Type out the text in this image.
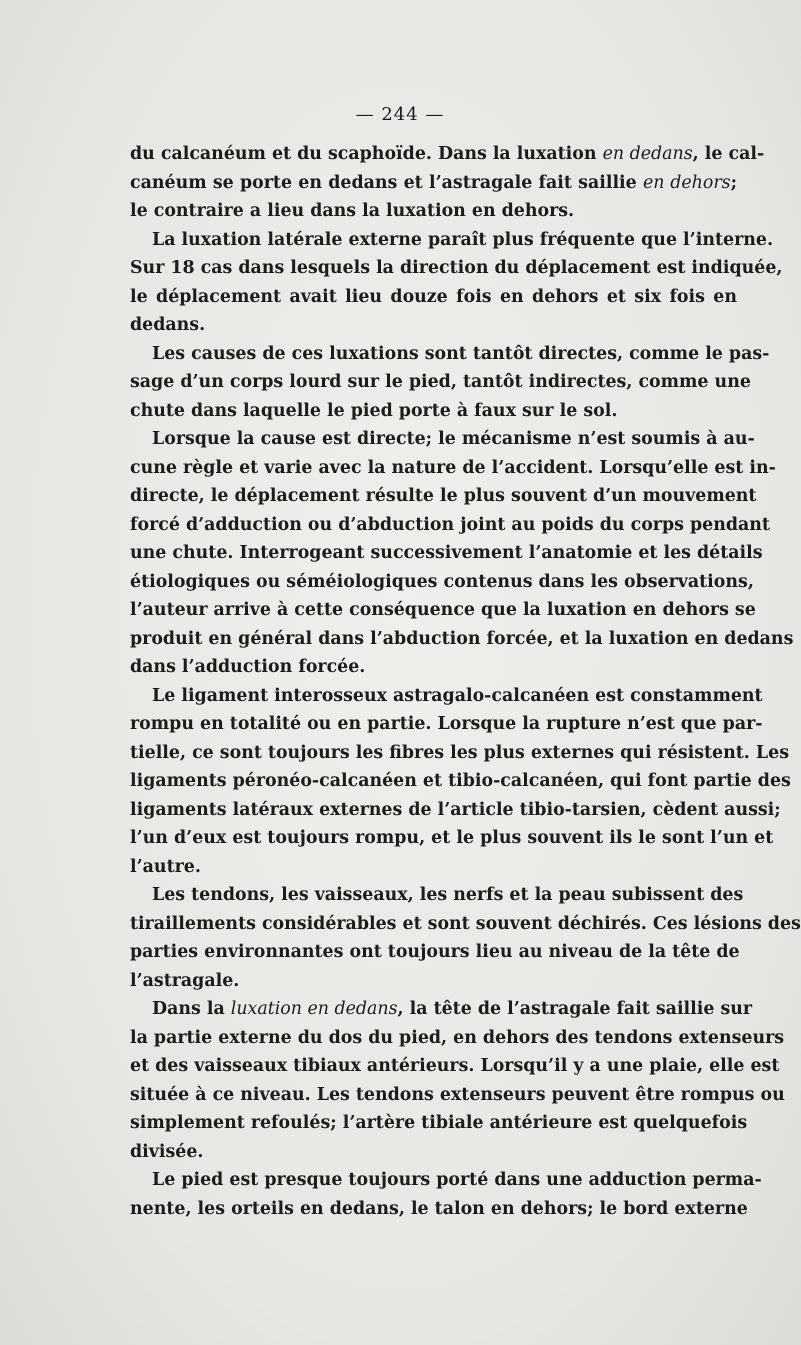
— 244 —
du calcanéum et du scaphoïde. Dans la luxation en dedans, le cal-
canéum se porte en dedans et l’astragale fait saillie en dehors;
le contraire a lieu dans la luxation en dehors.
La luxation latérale externe paraît plus fréquente que l’interne.
Sur 18 cas dans lesquels la direction du déplacement est indiquée,
le déplacement avait lieu douze fois en dehors et six fois en
dedans.
Les causes de ces luxations sont tantôt directes, comme le pas-
sage d’un corps lourd sur le pied, tantôt indirectes, comme une
chute dans laquelle le pied porte à faux sur le sol.
Lorsque la cause est directe; le mécanisme n’est soumis à au-
cune règle et varie avec la nature de l’accident. Lorsqu’elle est in-
directe, le déplacement résulte le plus souvent d’un mouvement
forcé d’adduction ou d’abduction joint au poids du corps pendant
une chute. Interrogeant successivement l’anatomie et les détails
étiologiques ou séméiologiques contenus dans les observations,
l’auteur arrive à cette conséquence que la luxation en dehors se
produit en général dans l’abduction forcée, et la luxation en dedans
dans l’adduction forcée.
Le ligament interosseux astragalo-calcanéen est constamment
rompu en totalité ou en partie. Lorsque la rupture n’est que par-
tielle, ce sont toujours les fibres les plus externes qui résistent. Les
ligaments péronéo-calcanéen et tibio-calcanéen, qui font partie des
ligaments latéraux externes de l’article tibio-tarsien, cèdent aussi;
l’un d’eux est toujours rompu, et le plus souvent ils le sont l’un et
l’autre.
Les tendons, les vaisseaux, les nerfs et la peau subissent des
tiraillements considérables et sont souvent déchirés. Ces lésions des
parties environnantes ont toujours lieu au niveau de la tête de
l’astragale.
Dans la luxation en dedans, la tête de l’astragale fait saillie sur
la partie externe du dos du pied, en dehors des tendons extenseurs
et des vaisseaux tibiaux antérieurs. Lorsqu’il y a une plaie, elle est
située à ce niveau. Les tendons extenseurs peuvent être rompus ou
simplement refoulés; l’artère tibiale antérieure est quelquefois
divisée.
Le pied est presque toujours porté dans une adduction perma-
nente, les orteils en dedans, le talon en dehors; le bord externe
